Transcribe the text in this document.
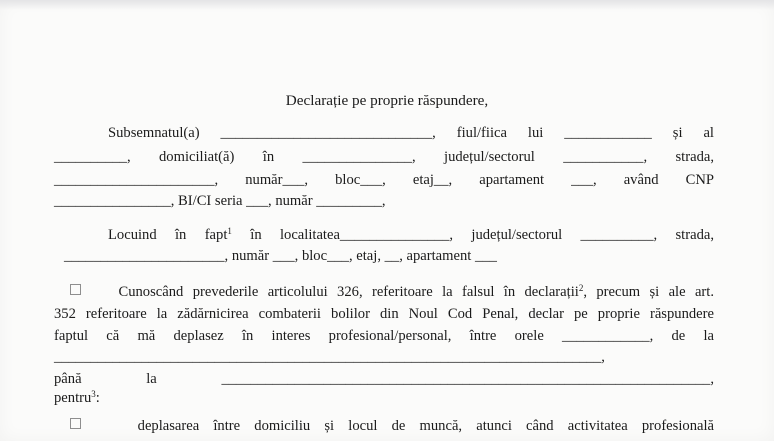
Declarație pe proprie răspundere,

Subsemnatul(a) _____________________________, fiul/fiica lui ____________ și al

__________, domiciliat(ă) în _______________, județul/sectorul ___________, strada,

______________________, număr___, bloc___, etaj__, apartament ___, având CNP

________________, BI/CI seria ___, număr _________,

Locuind în fapt$^1$ în localitatea_______________, județul/sectorul __________, strada,

______________________, număr ___, bloc___, etaj, __, apartament ___

Cunoscând prevederile articolului 326, referitoare la falsul în declarații$^2$, precum și ale art.

352 referitoare la zădărnicirea combaterii bolilor din Noul Cod Penal, declar pe proprie răspundere

faptul că mă deplasez în interes profesional/personal, între orele ____________, de la

___________________________________________________________________________,

până la ___________________________________________________________________,

pentru$^3$:

deplasarea între domiciliu și locul de muncă, atunci când activitatea profesională
